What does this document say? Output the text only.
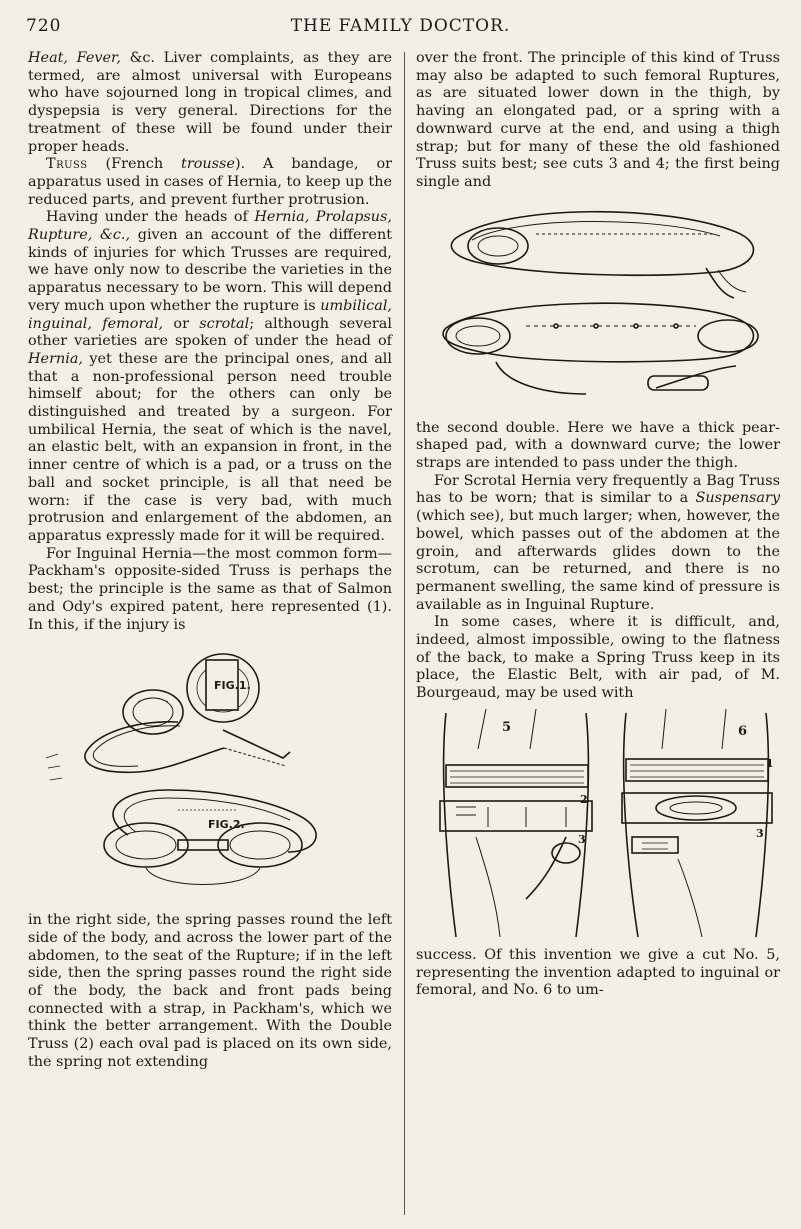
720	THE FAMILY DOCTOR.

Heat, Fever, &c. Liver complaints, as they are termed, are almost universal with Europeans who have sojourned long in tropical climes, and dyspepsia is very general. Directions for the treatment of these will be found under their proper heads.

Truss (French trousse). A bandage, or apparatus used in cases of Hernia, to keep up the reduced parts, and prevent further protrusion.

Having under the heads of Hernia, Prolapsus, Rupture, &c., given an account of the different kinds of injuries for which Trusses are required, we have only now to describe the varieties in the apparatus necessary to be worn. This will depend very much upon whether the rupture is umbilical, inguinal, femoral, or scrotal; although several other varieties are spoken of under the head of Hernia, yet these are the principal ones, and all that a non-professional person need trouble himself about; for the others can only be distinguished and treated by a surgeon. For umbilical Hernia, the seat of which is the navel, an elastic belt, with an expansion in front, in the inner centre of which is a pad, or a truss on the ball and socket principle, is all that need be worn: if the case is very bad, with much protrusion and enlargement of the abdomen, an apparatus expressly made for it will be required.

For Inguinal Hernia—the most common form—Packham's opposite-sided Truss is perhaps the best; the principle is the same as that of Salmon and Ody's expired patent, here represented (1). In this, if the injury is

FIG.1.
FIG.2.

in the right side, the spring passes round the left side of the body, and across the lower part of the abdomen, to the seat of the Rupture; if in the left side, then the spring passes round the right side of the body, the back and front pads being connected with a strap, in Packham's, which we think the better arrangement. With the Double Truss (2) each oval pad is placed on its own side, the spring not extending

over the front. The principle of this kind of Truss may also be adapted to such femoral Ruptures, as are situated lower down in the thigh, by having an elongated pad, or a spring with a downward curve at the end, and using a thigh strap; but for many of these the old fashioned Truss suits best; see cuts 3 and 4; the first being single and

the second double. Here we have a thick pear-shaped pad, with a downward curve; the lower straps are intended to pass under the thigh.

For Scrotal Hernia very frequently a Bag Truss has to be worn; that is similar to a Suspensary (which see), but much larger; when, however, the bowel, which passes out of the abdomen at the groin, and afterwards glides down to the scrotum, can be returned, and there is no permanent swelling, the same kind of pressure is available as in Inguinal Rupture.

In some cases, where it is difficult, and, indeed, almost impossible, owing to the flatness of the back, to make a Spring Truss keep in its place, the Elastic Belt, with air pad, of M. Bourgeaud, may be used with

5	6
2
3	3
1

success. Of this invention we give a cut No. 5, representing the invention adapted to inguinal or femoral, and No. 6 to um-
